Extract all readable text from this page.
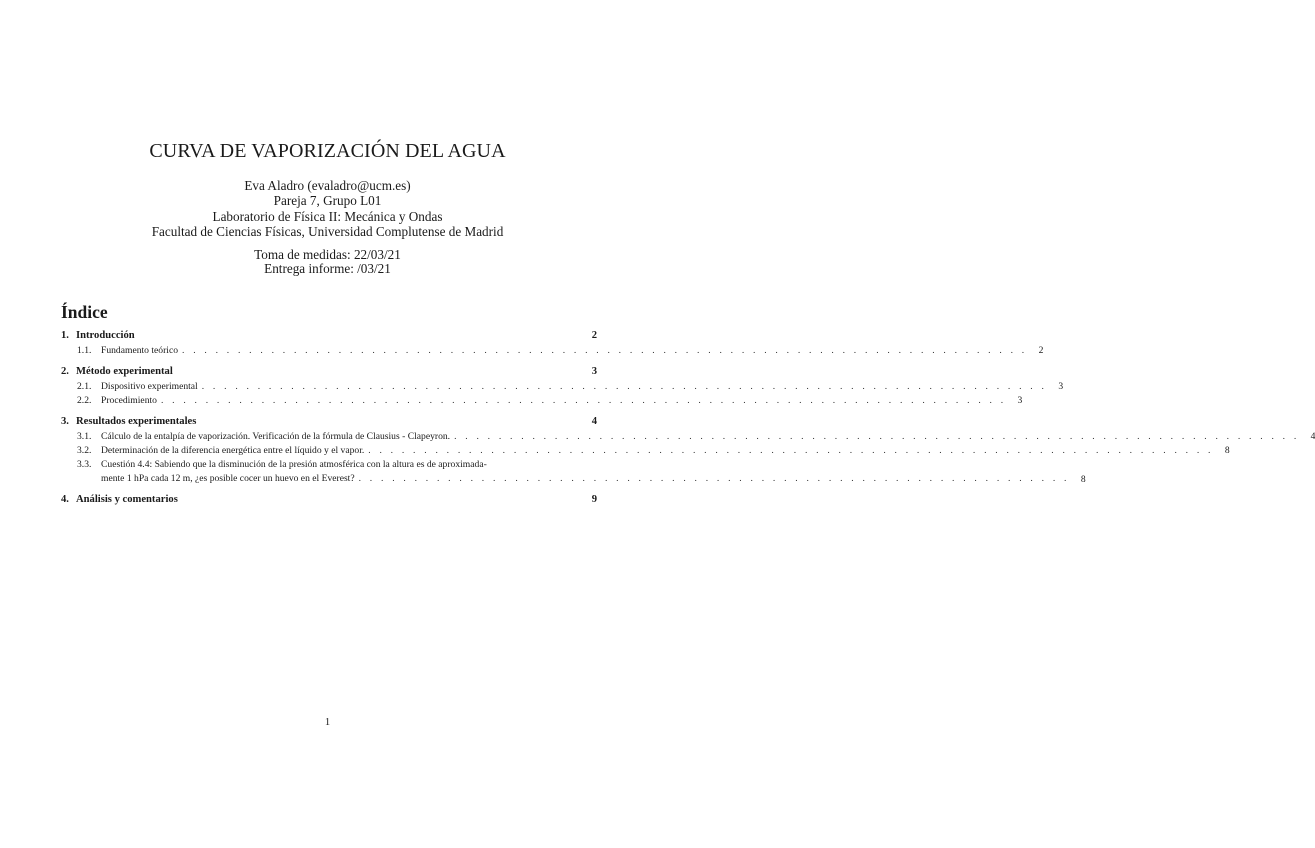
CURVA DE VAPORIZACIÓN DEL AGUA
Eva Aladro (evaladro@ucm.es)
Pareja 7, Grupo L01
Laboratorio de Física II: Mecánica y Ondas
Facultad de Ciencias Físicas, Universidad Complutense de Madrid
Toma de medidas: 22/03/21
Entrega informe: /03/21
Índice
1. Introducción	2
1.1.	Fundamento teórico . . . . . . . . . . . . . . . . . . . . . . . . . . . . . . . . . . . . . . . . . . . . . . . . . . . . . . . . . . . . . . . . . . . . . . . . . . . .	2
2. Método experimental	3
2.1.	Dispositivo experimental . . . . . . . . . . . . . . . . . . . . . . . . . . . . . . . . . . . . . . . . . . . . . . . . . . . . . . . . . . . . . . . . . . . . . . . . . . . .	3
2.2.	Procedimiento . . . . . . . . . . . . . . . . . . . . . . . . . . . . . . . . . . . . . . . . . . . . . . . . . . . . . . . . . . . . . . . . . . . . . . . . . . . .	3
3. Resultados experimentales	4
3.1.	Cálculo de la entalpía de vaporización. Verificación de la fórmula de Clausius - Clapeyron. . . . . . . . . . . . . . . . . . . . . . . . . . . . . . . . . . . . . . . . . . . . . . . . . . . . . . . . . . . . . . . . . . . . . . . . . . . . .	4
3.2.	Determinación de la diferencia energética entre el líquido y el vapor. . . . . . . . . . . . . . . . . . . . . . . . . . . . . . . . . . . . . . . . . . . . . . . . . . . . . . . . . . . . . . . . . . . . . . . . . . . . .	8
3.3.	Cuestión 4.4: Sabiendo que la disminución de la presión atmosférica con la altura es de aproximada-
mente 1 hPa cada 12 m, ¿es posible cocer un huevo en el Everest? . . . . . . . . . . . . . . . . . . . . . . . . . . . . . . . . . . . . . . . . . . . . . . . . . . . . . . . . . . . . . . . .	8
4. Análisis y comentarios	9
1
